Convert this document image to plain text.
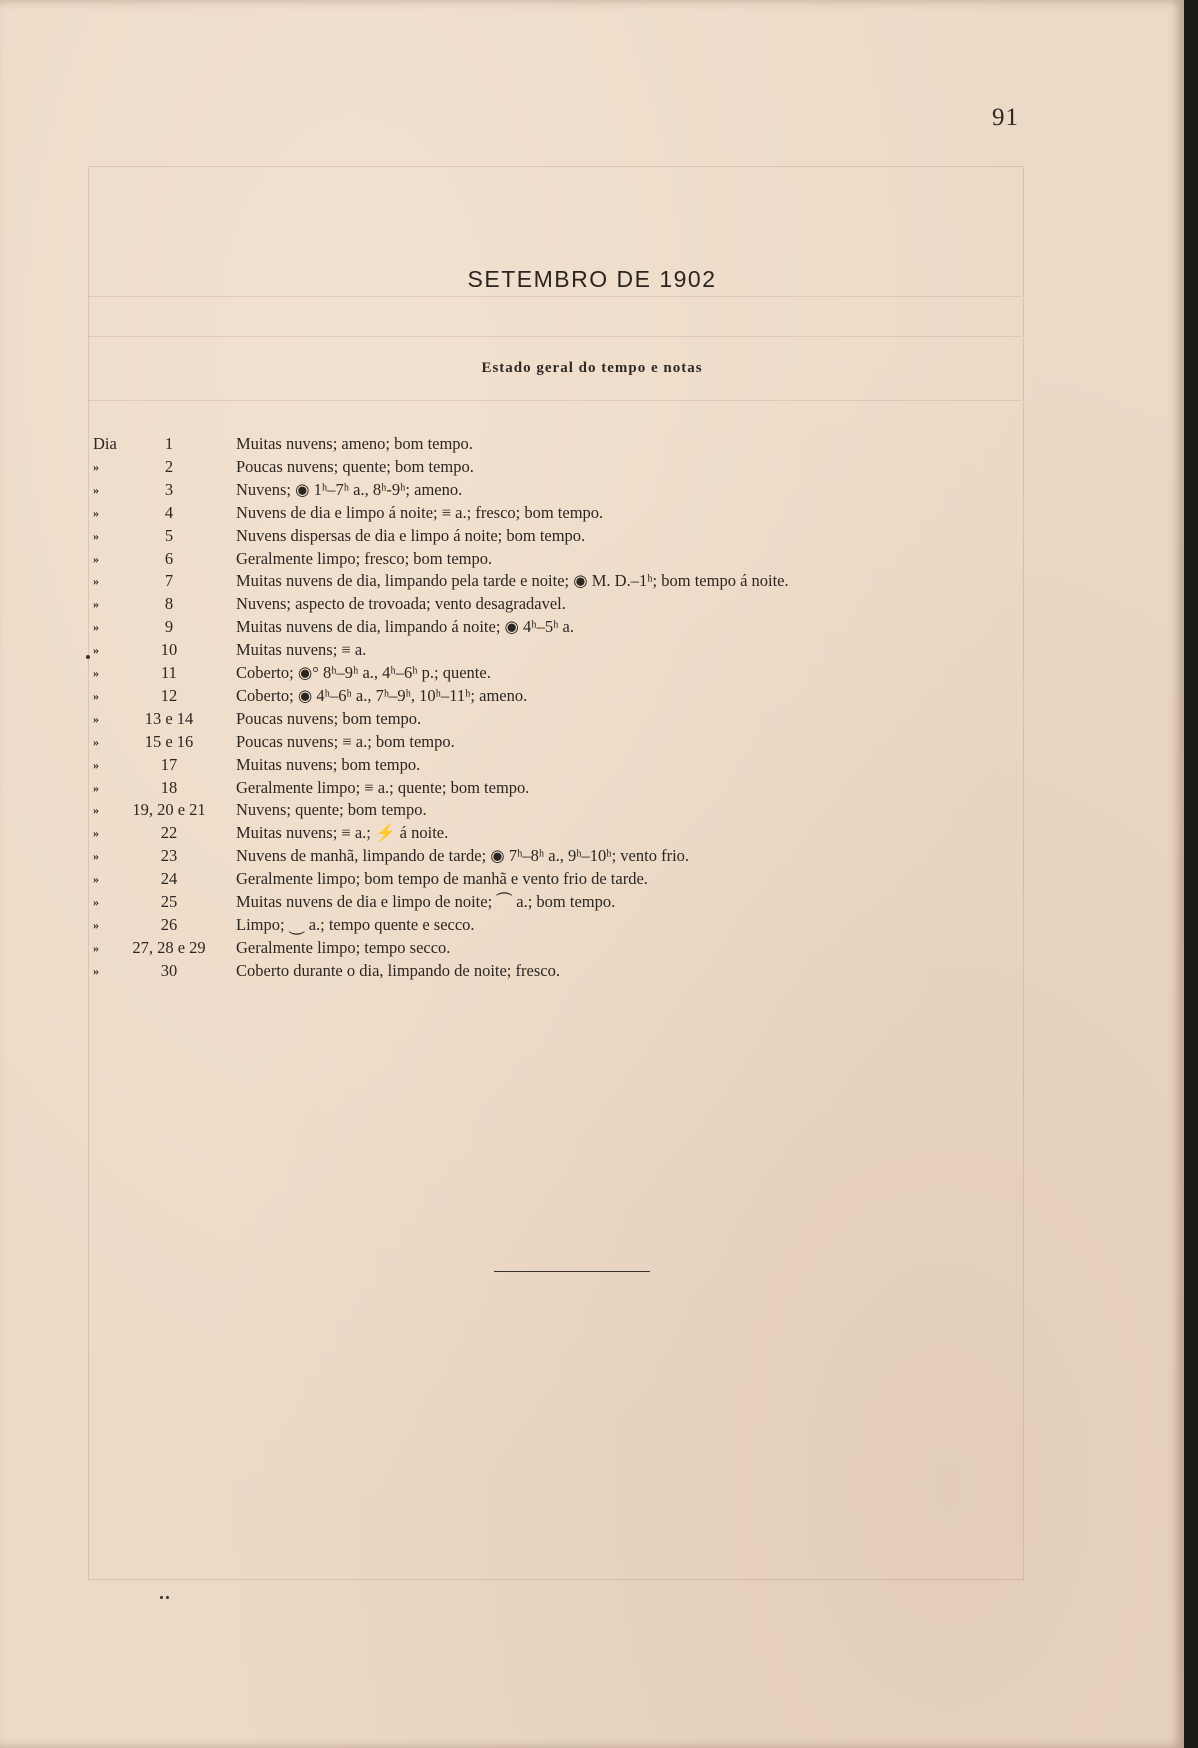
91
SETEMBRO DE 1902
Estado geral do tempo e notas
Dia	1	Muitas nuvens; ameno; bom tempo.
»	2	Poucas nuvens; quente; bom tempo.
»	3	Nuvens; ◉ 1ʰ–7ʰ a., 8ʰ-9ʰ; ameno.
»	4	Nuvens de dia e limpo á noite; ≡ a.; fresco; bom tempo.
»	5	Nuvens dispersas de dia e limpo á noite; bom tempo.
»	6	Geralmente limpo; fresco; bom tempo.
»	7	Muitas nuvens de dia, limpando pela tarde e noite; ◉ M. D.–1ʰ; bom tempo á noite.
»	8	Nuvens; aspecto de trovoada; vento desagradavel.
»	9	Muitas nuvens de dia, limpando á noite; ◉ 4ʰ–5ʰ a.
»	10	Muitas nuvens; ≡ a.
»	11	Coberto; ◉° 8ʰ–9ʰ a., 4ʰ–6ʰ p.; quente.
»	12	Coberto; ◉ 4ʰ–6ʰ a., 7ʰ–9ʰ, 10ʰ–11ʰ; ameno.
»	13 e 14	Poucas nuvens; bom tempo.
»	15 e 16	Poucas nuvens; ≡ a.; bom tempo.
»	17	Muitas nuvens; bom tempo.
»	18	Geralmente limpo; ≡ a.; quente; bom tempo.
»	19, 20 e 21	Nuvens; quente; bom tempo.
»	22	Muitas nuvens; ≡ a.; ⚡ á noite.
»	23	Nuvens de manhã, limpando de tarde; ◉ 7ʰ–8ʰ a., 9ʰ–10ʰ; vento frio.
»	24	Geralmente limpo; bom tempo de manhã e vento frio de tarde.
»	25	Muitas nuvens de dia e limpo de noite; ⏜ a.; bom tempo.
»	26	Limpo; ⏝ a.; tempo quente e secco.
»	27, 28 e 29	Geralmente limpo; tempo secco.
»	30	Coberto durante o dia, limpando de noite; fresco.
